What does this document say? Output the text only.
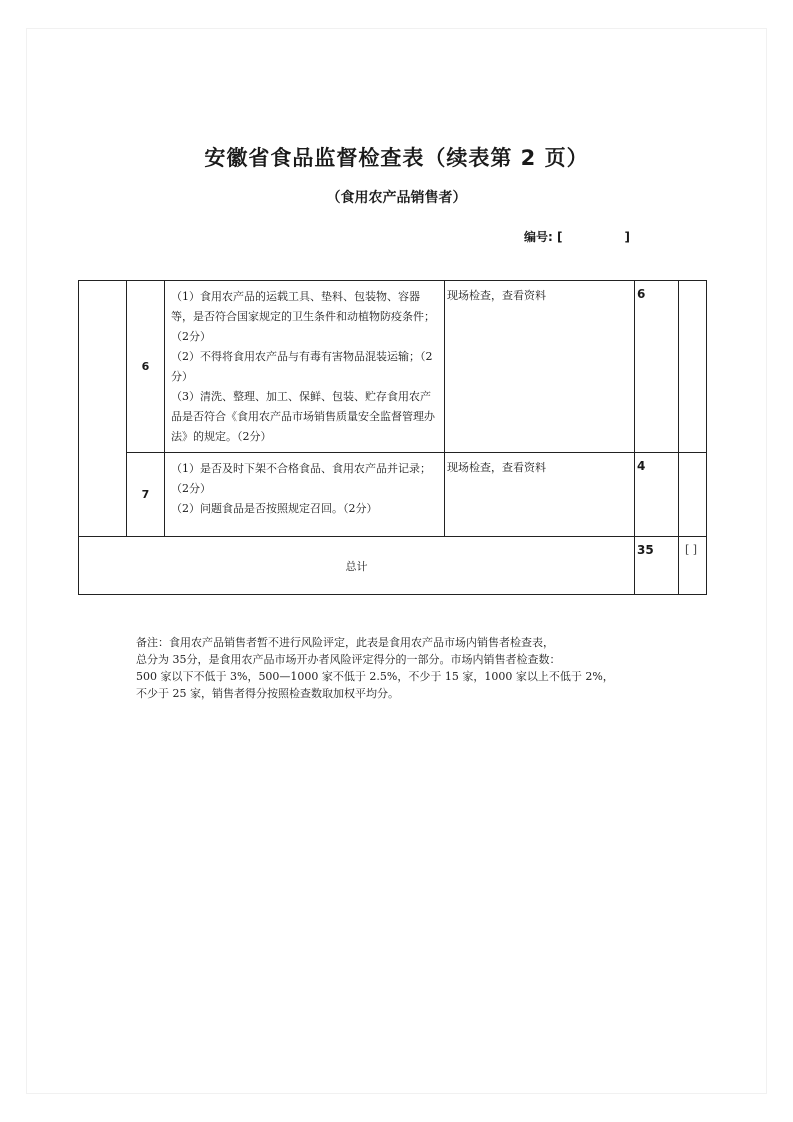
安徽省食品监督检查表（续表第 2 页）
（食用农产品销售者）
编号: [	]
	6	（1）食用农产品的运载工具、垫料、包装物、容器等，是否符合国家规定的卫生条件和动植物防疫条件；（2分）
（2）不得将食用农产品与有毒有害物品混装运输；（2分）
（3）清洗、整理、加工、保鲜、包装、贮存食用农产品是否符合《食用农产品市场销售质量安全监督管理办法》的规定。（2分）	现场检查，查看资料	6	

	7	（1）是否及时下架不合格食品、食用农产品并记录；（2分）
（2）问题食品是否按照规定召回。（2分）	现场检查，查看资料	4	

总计				35	[ ]
备注：食用农产品销售者暂不进行风险评定，此表是食用农产品市场内销售者检查表，
总分为 35分，是食用农产品市场开办者风险评定得分的一部分。市场内销售者检查数：
500 家以下不低于 3%，500—1000 家不低于 2.5%，不少于 15 家，1000 家以上不低于 2%，
不少于 25 家，销售者得分按照检查数取加权平均分。
